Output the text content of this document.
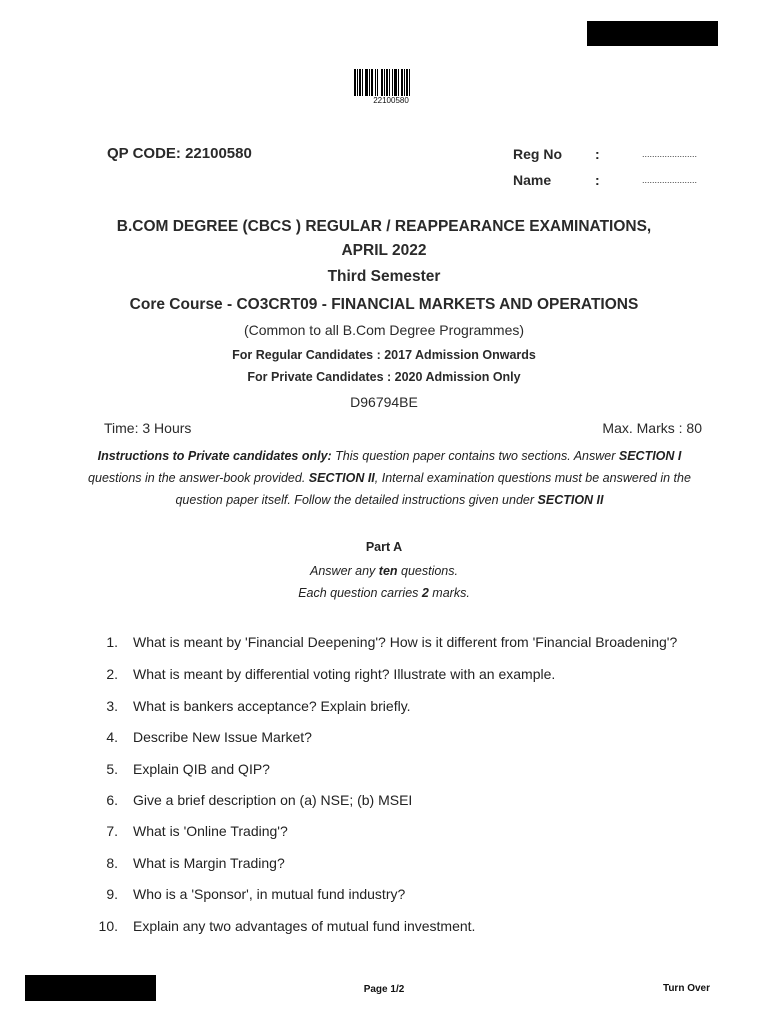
22100580
QP CODE: 22100580	Reg No :	......................
Name	:	......................
B.COM DEGREE (CBCS ) REGULAR / REAPPEARANCE EXAMINATIONS,
APRIL 2022
Third Semester
Core Course - CO3CRT09 - FINANCIAL MARKETS AND OPERATIONS
(Common to all B.Com Degree Programmes)
For Regular Candidates : 2017 Admission Onwards
For Private Candidates : 2020 Admission Only
D96794BE
Time: 3 Hours	Max. Marks : 80
Instructions to Private candidates only: This question paper contains two sections. Answer SECTION I questions in the answer-book provided. SECTION II, Internal examination questions must be answered in the question paper itself. Follow the detailed instructions given under SECTION II
Part A
Answer any ten questions.
Each question carries 2 marks.
1. What is meant by 'Financial Deepening'? How is it different from 'Financial Broadening'?
2. What is meant by differential voting right? Illustrate with an example.
3. What is bankers acceptance? Explain briefly.
4. Describe New Issue Market?
5. Explain QIB and QIP?
6. Give a brief description on (a) NSE; (b) MSEI
7. What is 'Online Trading'?
8. What is Margin Trading?
9. Who is a 'Sponsor', in mutual fund industry?
10. Explain any two advantages of mutual fund investment.
Page 1/2	Turn Over
